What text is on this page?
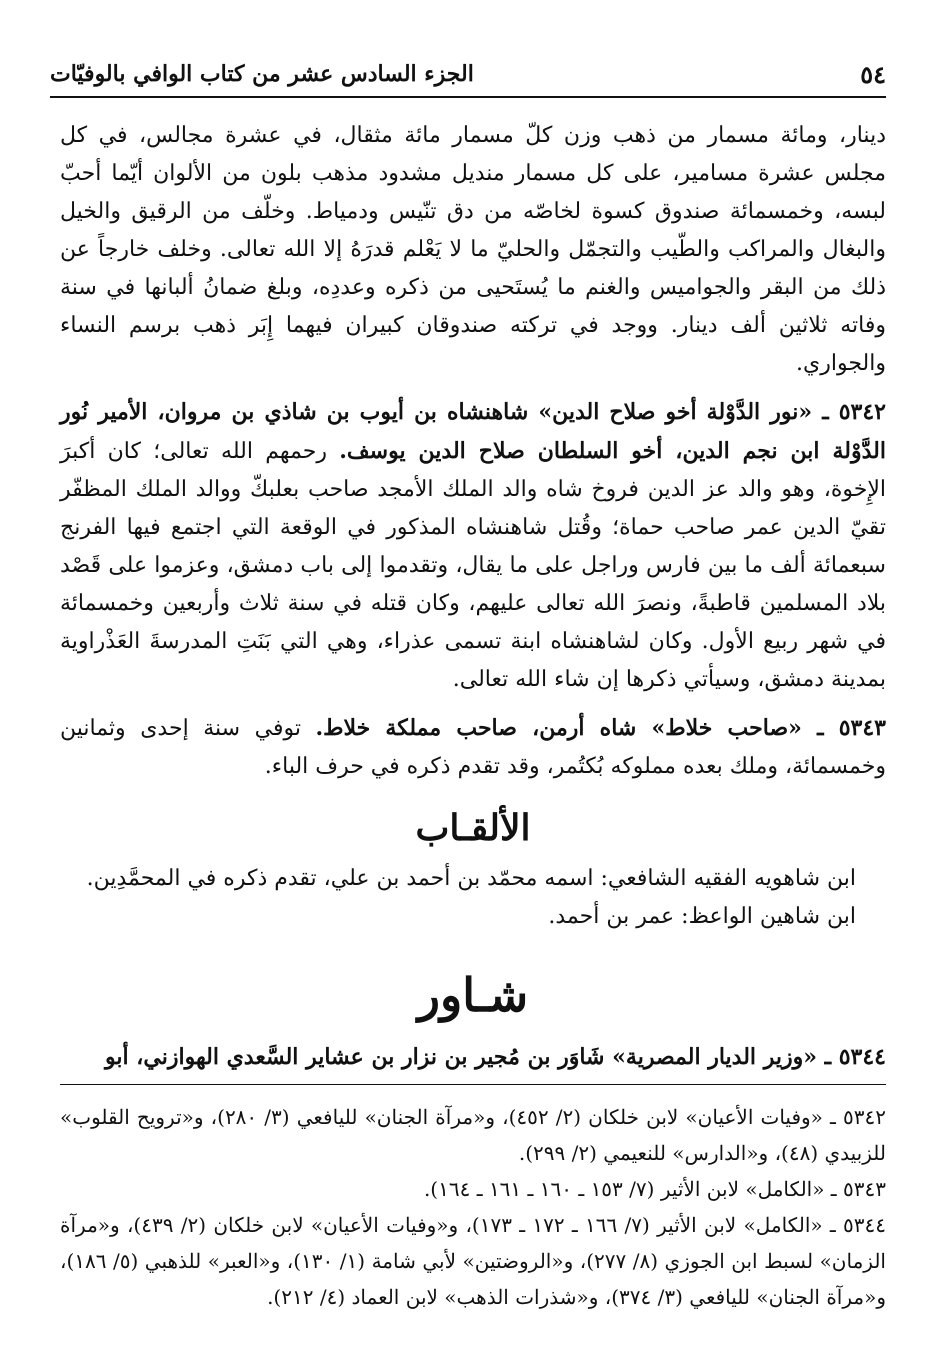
٥٤
الجزء السادس عشر من كتاب الوافي بالوفيّات

دينار، ومائة مسمار من ذهب وزن كلّ مسمار مائة مثقال، في عشرة مجالس، في كل مجلس عشرة مسامير، على كل مسمار منديل مشدود مذهب بلون من الألوان أيّما أحبّ لبسه، وخمسمائة صندوق كسوة لخاصّه من دق تنّيس ودمياط. وخلّف من الرقيق والخيل والبغال والمراكب والطّيب والتجمّل والحليّ ما لا يَعْلم قدرَهُ إلا الله تعالى. وخلف خارجاً عن ذلك من البقر والجواميس والغنم ما يُستَحيى من ذكره وعددِه، وبلغ ضمانُ ألبانها في سنة وفاته ثلاثين ألف دينار. ووجد في تركته صندوقان كبيران فيهما إِبَر ذهب برسم النساء والجواري.

٥٣٤٢ ـ «نور الدَّوْلة أخو صلاح الدين» شاهنشاه بن أيوب بن شاذي بن مروان، الأمير نُور الدَّوْلة ابن نجم الدين، أخو السلطان صلاح الدين يوسف. رحمهم الله تعالى؛ كان أكبرَ الإِخوة، وهو والد عز الدين فروخ شاه والد الملك الأمجد صاحب بعلبكّ ووالد الملك المظفّر تقيّ الدين عمر صاحب حماة؛ وقُتل شاهنشاه المذكور في الوقعة التي اجتمع فيها الفرنج سبعمائة ألف ما بين فارس وراجل على ما يقال، وتقدموا إلى باب دمشق، وعزموا على قَصْد بلاد المسلمين قاطبةً، ونصرَ الله تعالى عليهم، وكان قتله في سنة ثلاث وأربعين وخمسمائة في شهر ربيع الأول. وكان لشاهنشاه ابنة تسمى عذراء، وهي التي بَنَتِ المدرسةَ العَذْراوية بمدينة دمشق، وسيأتي ذكرها إن شاء الله تعالى.

٥٣٤٣ ـ «صاحب خلاط» شاه أرمن، صاحب مملكة خلاط. توفي سنة إحدى وثمانين وخمسمائة، وملك بعده مملوكه بُكتُمر، وقد تقدم ذكره في حرف الباء.

الألقـاب

ابن شاهويه الفقيه الشافعي: اسمه محمّد بن أحمد بن علي، تقدم ذكره في المحمَّدِين.

ابن شاهين الواعظ: عمر بن أحمد.

شـاور

٥٣٤٤ ـ «وزير الديار المصرية» شَاوَر بن مُجير بن نزار بن عشاير السَّعدي الهوازني، أبو

٥٣٤٢ ـ «وفيات الأعيان» لابن خلكان (٢/ ٤٥٢)، و«مرآة الجنان» لليافعي (٣/ ٢٨٠)، و«ترويح القلوب» للزبيدي (٤٨)، و«الدارس» للنعيمي (٢/ ٢٩٩).

٥٣٤٣ ـ «الكامل» لابن الأثير (٧/ ١٥٣ ـ ١٦٠ ـ ١٦١ ـ ١٦٤).

٥٣٤٤ ـ «الكامل» لابن الأثير (٧/ ١٦٦ ـ ١٧٢ ـ ١٧٣)، و«وفيات الأعيان» لابن خلكان (٢/ ٤٣٩)، و«مرآة الزمان» لسبط ابن الجوزي (٨/ ٢٧٧)، و«الروضتين» لأبي شامة (١/ ١٣٠)، و«العبر» للذهبي (٥/ ١٨٦)، و«مرآة الجنان» لليافعي (٣/ ٣٧٤)، و«شذرات الذهب» لابن العماد (٤/ ٢١٢).
